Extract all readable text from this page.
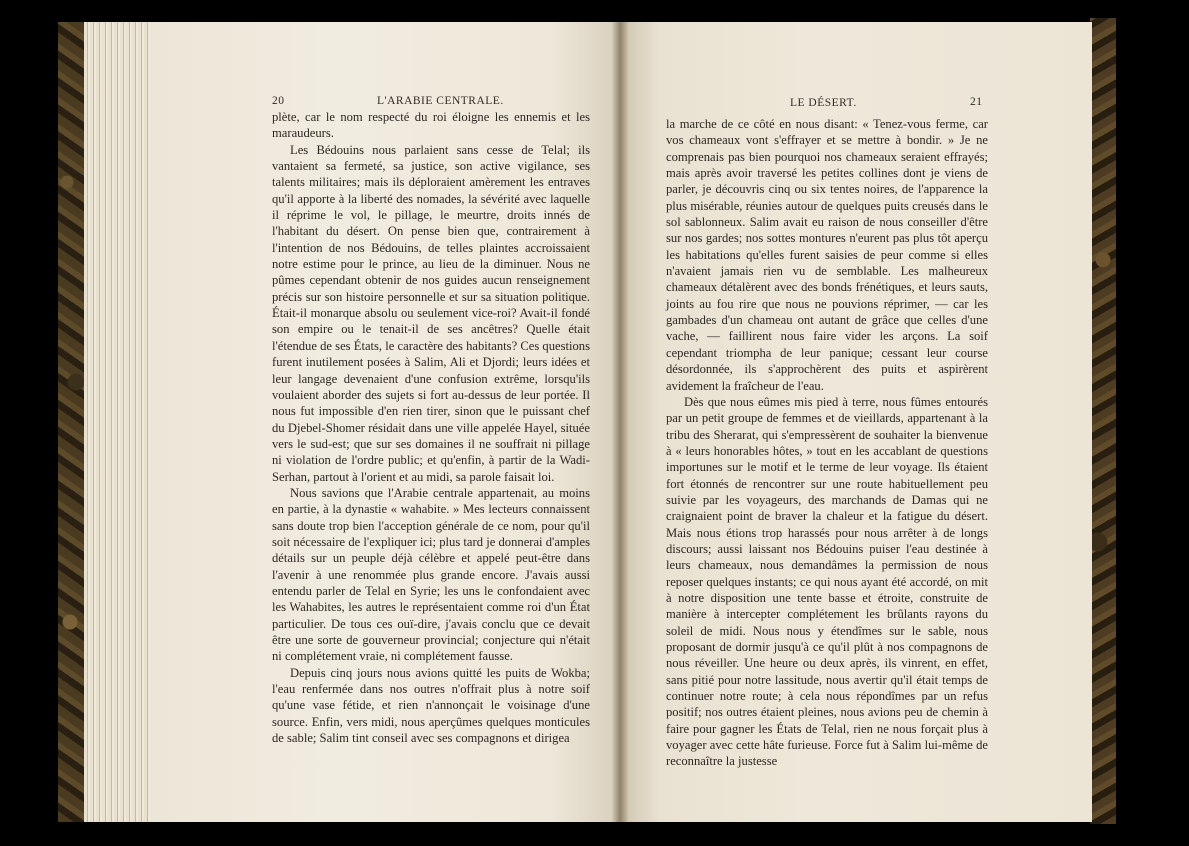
20	L'ARABIE CENTRALE.

plète, car le nom respecté du roi éloigne les ennemis et les maraudeurs.

Les Bédouins nous parlaient sans cesse de Telal; ils vantaient sa fermeté, sa justice, son active vigilance, ses talents militaires; mais ils déploraient amèrement les entraves qu'il apporte à la liberté des nomades, la sévérité avec laquelle il réprime le vol, le pillage, le meurtre, droits innés de l'habitant du désert. On pense bien que, contrairement à l'intention de nos Bédouins, de telles plaintes accroissaient notre estime pour le prince, au lieu de la diminuer. Nous ne pûmes cependant obtenir de nos guides aucun renseignement précis sur son histoire personnelle et sur sa situation politique. Était-il monarque absolu ou seulement vice-roi? Avait-il fondé son empire ou le tenait-il de ses ancêtres? Quelle était l'étendue de ses États, le caractère des habitants? Ces questions furent inutilement posées à Salim, Ali et Djordi; leurs idées et leur langage devenaient d'une confusion extrême, lorsqu'ils voulaient aborder des sujets si fort au-dessus de leur portée. Il nous fut impossible d'en rien tirer, sinon que le puissant chef du Djebel-Shomer résidait dans une ville appelée Hayel, située vers le sud-est; que sur ses domaines il ne souffrait ni pillage ni violation de l'ordre public; et qu'enfin, à partir de la Wadi-Serhan, partout à l'orient et au midi, sa parole faisait loi.

Nous savions que l'Arabie centrale appartenait, au moins en partie, à la dynastie « wahabite. » Mes lecteurs connaissent sans doute trop bien l'acception générale de ce nom, pour qu'il soit nécessaire de l'expliquer ici; plus tard je donnerai d'amples détails sur un peuple déjà célèbre et appelé peut-être dans l'avenir à une renommée plus grande encore. J'avais aussi entendu parler de Telal en Syrie; les uns le confondaient avec les Wahabites, les autres le représentaient comme roi d'un État particulier. De tous ces ouï-dire, j'avais conclu que ce devait être une sorte de gouverneur provincial; conjecture qui n'était ni complétement vraie, ni complétement fausse.

Depuis cinq jours nous avions quitté les puits de Wokba; l'eau renfermée dans nos outres n'offrait plus à notre soif qu'une vase fétide, et rien n'annonçait le voisinage d'une source. Enfin, vers midi, nous aperçûmes quelques monticules de sable; Salim tint conseil avec ses compagnons et dirigea

LE DÉSERT.	21

la marche de ce côté en nous disant: « Tenez-vous ferme, car vos chameaux vont s'effrayer et se mettre à bondir. » Je ne comprenais pas bien pourquoi nos chameaux seraient effrayés; mais après avoir traversé les petites collines dont je viens de parler, je découvris cinq ou six tentes noires, de l'apparence la plus misérable, réunies autour de quelques puits creusés dans le sol sablonneux. Salim avait eu raison de nous conseiller d'être sur nos gardes; nos sottes montures n'eurent pas plus tôt aperçu les habitations qu'elles furent saisies de peur comme si elles n'avaient jamais rien vu de semblable. Les malheureux chameaux détalèrent avec des bonds frénétiques, et leurs sauts, joints au fou rire que nous ne pouvions réprimer, — car les gambades d'un chameau ont autant de grâce que celles d'une vache, — faillirent nous faire vider les arçons. La soif cependant triompha de leur panique; cessant leur course désordonnée, ils s'approchèrent des puits et aspirèrent avidement la fraîcheur de l'eau.

Dès que nous eûmes mis pied à terre, nous fûmes entourés par un petit groupe de femmes et de vieillards, appartenant à la tribu des Sherarat, qui s'empressèrent de souhaiter la bienvenue à « leurs honorables hôtes, » tout en les accablant de questions importunes sur le motif et le terme de leur voyage. Ils étaient fort étonnés de rencontrer sur une route habituellement peu suivie par les voyageurs, des marchands de Damas qui ne craignaient point de braver la chaleur et la fatigue du désert. Mais nous étions trop harassés pour nous arrêter à de longs discours; aussi laissant nos Bédouins puiser l'eau destinée à leurs chameaux, nous demandâmes la permission de nous reposer quelques instants; ce qui nous ayant été accordé, on mit à notre disposition une tente basse et étroite, construite de manière à intercepter complétement les brûlants rayons du soleil de midi. Nous nous y étendîmes sur le sable, nous proposant de dormir jusqu'à ce qu'il plût à nos compagnons de nous réveiller. Une heure ou deux après, ils vinrent, en effet, sans pitié pour notre lassitude, nous avertir qu'il était temps de continuer notre route; à cela nous répondîmes par un refus positif; nos outres étaient pleines, nous avions peu de chemin à faire pour gagner les États de Telal, rien ne nous forçait plus à voyager avec cette hâte furieuse. Force fut à Salim lui-même de reconnaître la justesse
